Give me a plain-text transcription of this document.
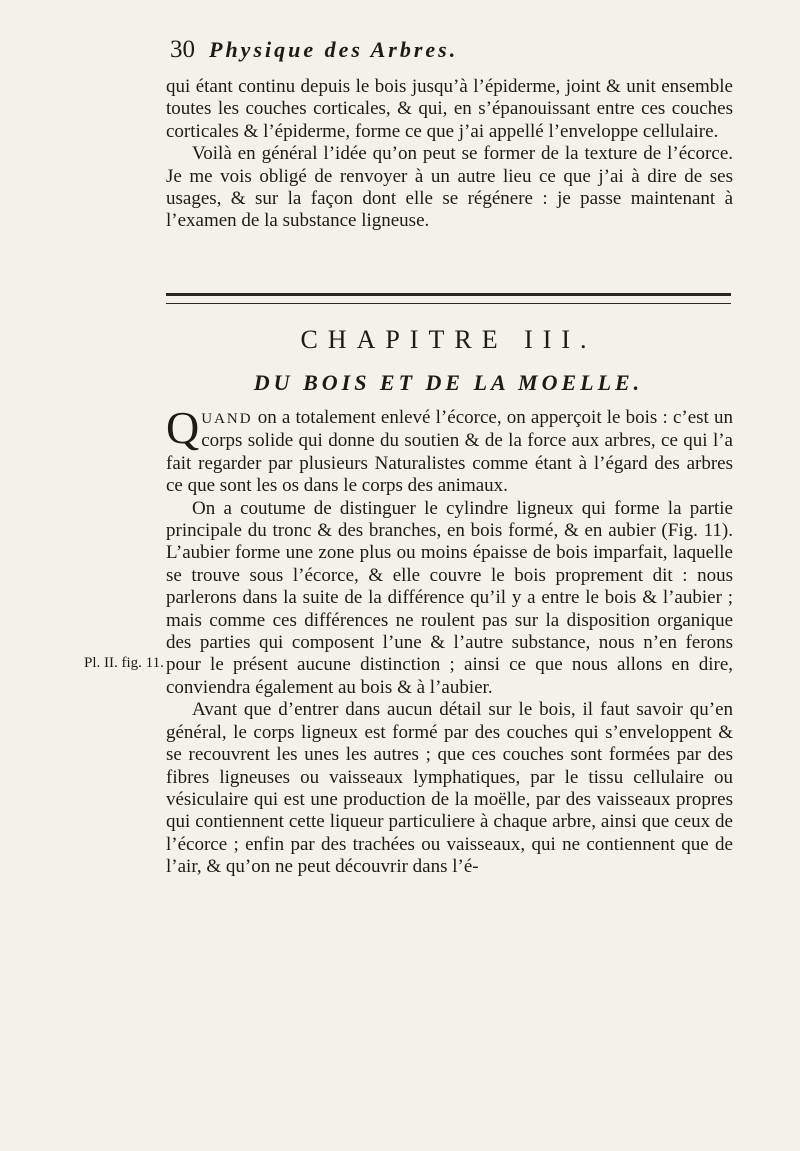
30 Physique des Arbres.

qui étant continu depuis le bois jusqu’à l’épiderme, joint & unit ensemble toutes les couches corticales, & qui, en s’épanouissant entre ces couches corticales & l’épiderme, forme ce que j’ai appellé l’enveloppe cellulaire.

Voilà en général l’idée qu’on peut se former de la texture de l’écorce. Je me vois obligé de renvoyer à un autre lieu ce que j’ai à dire de ses usages, & sur la façon dont elle se régénere : je passe maintenant à l’examen de la substance ligneuse.

CHAPITRE III.
DU BOIS ET DE LA MOELLE.

QUAND on a totalement enlevé l’écorce, on apperçoit le bois : c’est un corps solide qui donne du soutien & de la force aux arbres, ce qui l’a fait regarder par plusieurs Naturalistes comme étant à l’égard des arbres ce que sont les os dans le corps des animaux.

On a coutume de distinguer le cylindre ligneux qui forme la partie principale du tronc & des branches, en bois formé, & en aubier (Fig. 11). L’aubier forme une zone plus ou moins épaisse de bois imparfait, laquelle se trouve sous l’écorce, & elle couvre le bois proprement dit : nous parlerons dans la suite de la différence qu’il y a entre le bois & l’aubier ; mais comme ces différences ne roulent pas sur la disposition organique des parties qui composent l’une & l’autre substance, nous n’en ferons pour le présent aucune distinction ; ainsi ce que nous allons en dire, conviendra également au bois & à l’aubier.

Avant que d’entrer dans aucun détail sur le bois, il faut savoir qu’en général, le corps ligneux est formé par des couches qui s’enveloppent & se recouvrent les unes les autres ; que ces couches sont formées par des fibres ligneuses ou vaisseaux lymphatiques, par le tissu cellulaire ou vésiculaire qui est une production de la moëlle, par des vaisseaux propres qui contiennent cette liqueur particuliere à chaque arbre, ainsi que ceux de l’écorce ; enfin par des trachées ou vaisseaux, qui ne contiennent que de l’air, & qu’on ne peut découvrir dans l’é-

Pl. II. fig. 11.
